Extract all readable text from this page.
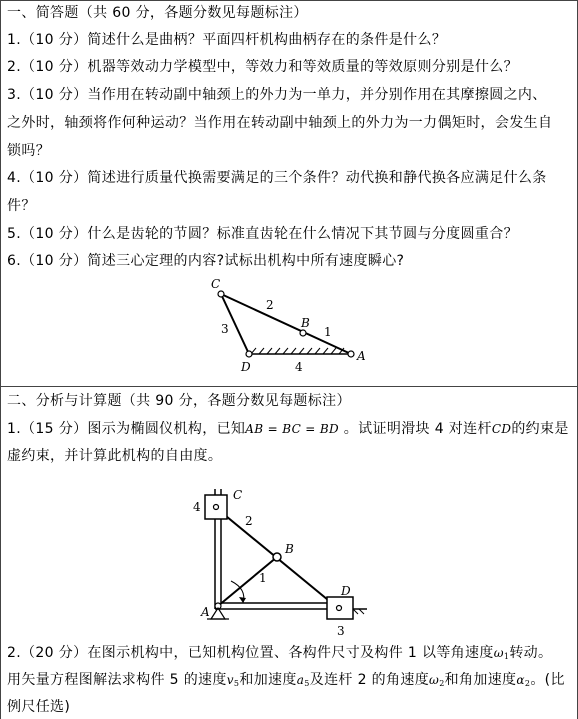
一、简答题（共 60 分，各题分数见每题标注）
1.（10 分）简述什么是曲柄？平面四杆机构曲柄存在的条件是什么？
2.（10 分）机器等效动力学模型中，等效力和等效质量的等效原则分别是什么？
3.（10 分）当作用在转动副中轴颈上的外力为一单力，并分别作用在其摩擦圆之内、
之外时，轴颈将作何种运动？当作用在转动副中轴颈上的外力为一力偶矩时，会发生自
锁吗？
4.（10 分）简述进行质量代换需要满足的三个条件？动代换和静代换各应满足什么条
件？
5.（10 分）什么是齿轮的节圆？标准直齿轮在什么情况下其节圆与分度圆重合？
6.（10 分）简述三心定理的内容?试标出机构中所有速度瞬心?
C
B
D
A
2
1
3
4
二、分析与计算题（共 90 分，各题分数见每题标注）
1.（15 分）图示为椭圆仪机构，已知AB = BC = BD 。试证明滑块 4 对连杆CD的约束是
虚约束，并计算此机构的自由度。
C
4
2
B
1
D
A
3
2.（20 分）在图示机构中，已知机构位置、各构件尺寸及构件 1 以等角速度$\omega_1$转动。
用矢量方程图解法求构件 5 的速度$v_5$和加速度$a_5$及连杆 2 的角速度$\omega_2$和角加速度$\alpha_2$。(比
例尺任选)
